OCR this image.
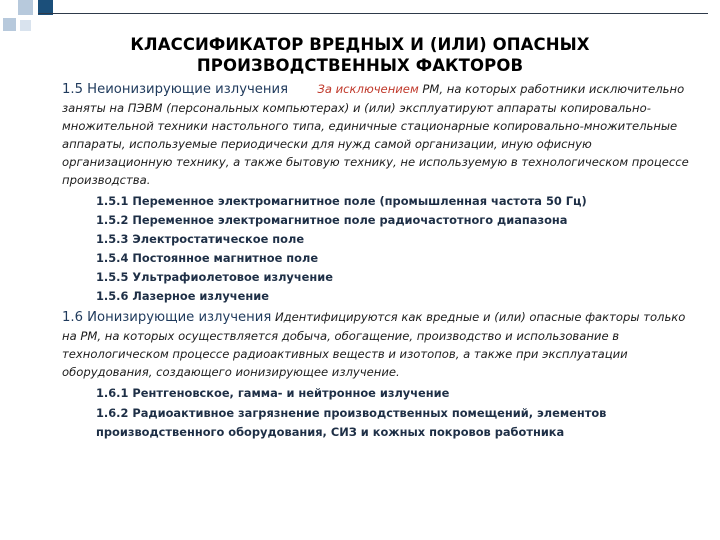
КЛАССИФИКАТОР ВРЕДНЫХ И (ИЛИ) ОПАСНЫХ
ПРОИЗВОДСТВЕННЫХ ФАКТОРОВ

1.5 Неионизирующие излучения	За исключением РМ, на которых работники исключительно заняты на ПЭВМ (персональных компьютерах) и (или) эксплуатируют аппараты копировально-множительной техники настольного типа, единичные стационарные копировально-множительные аппараты, используемые периодически для нужд самой организации, иную офисную организационную технику, а также бытовую технику, не используемую в технологическом процессе производства.

1.5.1 Переменное электромагнитное поле (промышленная частота 50 Гц)
1.5.2 Переменное электромагнитное поле радиочастотного диапазона
1.5.3 Электростатическое поле
1.5.4 Постоянное магнитное поле
1.5.5 Ультрафиолетовое излучение
1.5.6 Лазерное излучение

1.6 Ионизирующие излучения Идентифицируются как вредные и (или) опасные факторы только на РМ, на которых осуществляется добыча, обогащение, производство и использование в технологическом процессе радиоактивных веществ и изотопов, а также при эксплуатации оборудования, создающего ионизирующее излучение.

1.6.1 Рентгеновское, гамма- и нейтронное излучение
1.6.2 Радиоактивное загрязнение производственных помещений, элементов производственного оборудования, СИЗ и кожных покровов работника
